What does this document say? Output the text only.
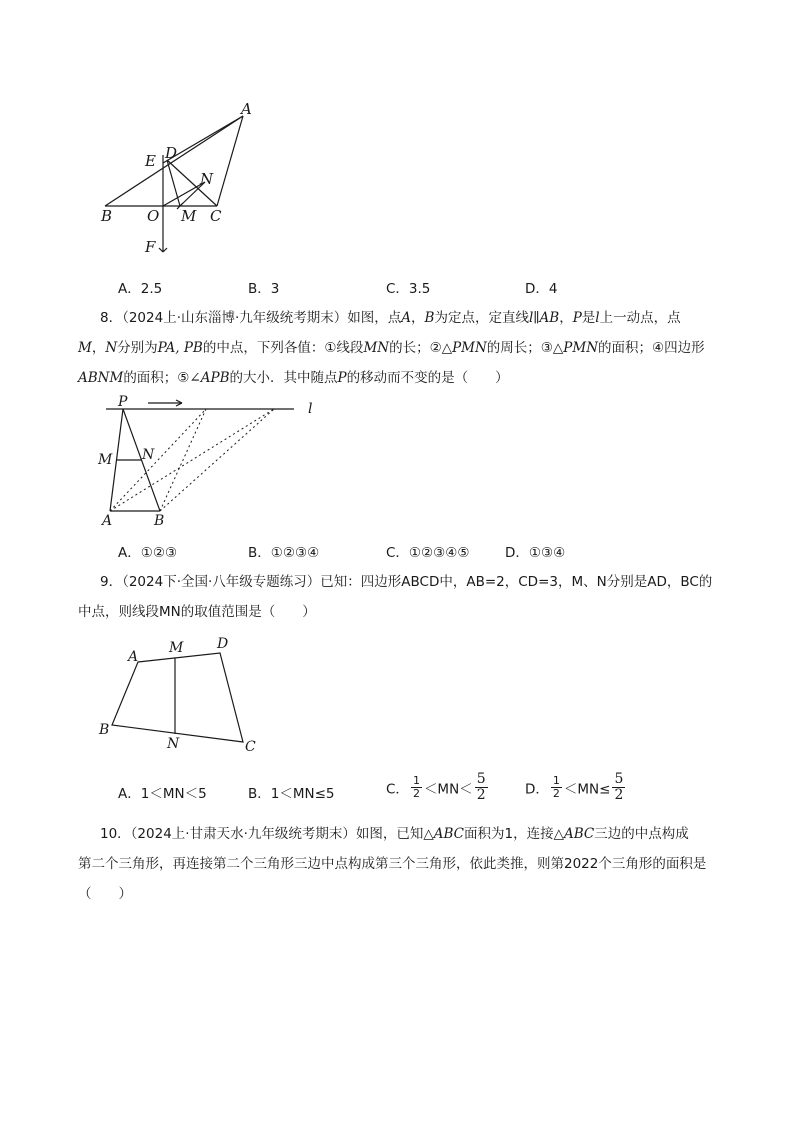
A
E D
N
B O M C
F
A．2.5	B．3	C．3.5	D．4
8．（2024上·山东淄博·九年级统考期末）如图，点A，B为定点，定直线l∥AB，P是l上一动点，点
M，N分别为PA, PB的中点，下列各值：①线段MN的长；②△PMN的周长；③△PMN的面积；④四边形
ABNM的面积；⑤∠APB的大小．其中随点P的移动而不变的是（　　）
P	l
M N
A	B
A．①②③	B．①②③④	C．①②③④⑤	D．①③④
9．（2024下·全国·八年级专题练习）已知：四边形ABCD中，AB=2，CD=3，M、N分别是AD，BC的
中点，则线段MN的取值范围是（　　）
A
M D
B
N	C
A．1＜MN＜5	B．1＜MN≤5	C． $\frac{1}{2} <MN< \frac{5}{2}$	D． $\frac{1}{2} <MN\le \frac{5}{2}$
10．（2024上·甘肃天水·九年级统考期末）如图，已知△ABC面积为1，连接△ABC三边的中点构成
第二个三角形，再连接第二个三角形三边中点构成第三个三角形，依此类推，则第2022个三角形的面积是
（　　）
